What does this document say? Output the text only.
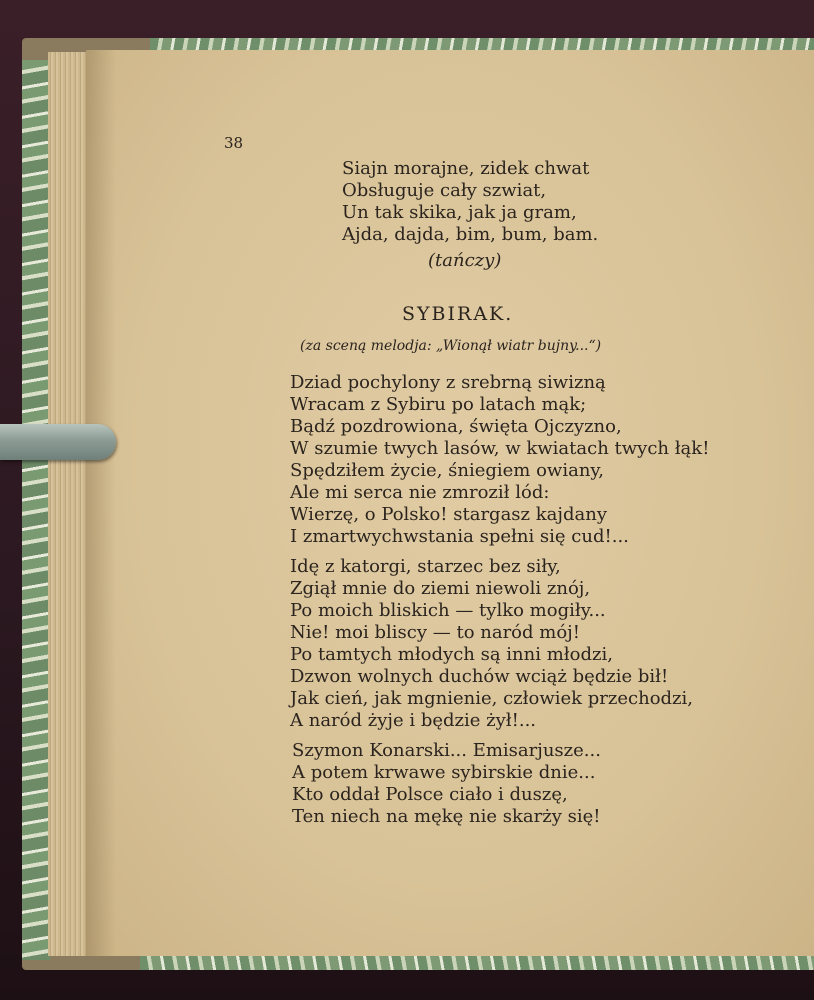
38
Siajn morajne, zidek chwat
Obsługuje cały szwiat,
Un tak skika, jak ja gram,
Ajda, dajda, bim, bum, bam.
(tańczy)
SYBIRAK.
(za sceną melodja: „Wionął wiatr bujny...“)
Dziad pochylony z srebrną siwizną
Wracam z Sybiru po latach mąk;
Bądź pozdrowiona, święta Ojczyzno,
W szumie twych lasów, w kwiatach twych łąk!
Spędziłem życie, śniegiem owiany,
Ale mi serca nie zmroził lód:
Wierzę, o Polsko! stargasz kajdany
I zmartwychwstania spełni się cud!...
Idę z katorgi, starzec bez siły,
Zgiął mnie do ziemi niewoli znój,
Po moich bliskich — tylko mogiły...
Nie! moi bliscy — to naród mój!
Po tamtych młodych są inni młodzi,
Dzwon wolnych duchów wciąż będzie bił!
Jak cień, jak mgnienie, człowiek przechodzi,
A naród żyje i będzie żył!...
Szymon Konarski... Emisarjusze...
A potem krwawe sybirskie dnie...
Kto oddał Polsce ciało i duszę,
Ten niech na mękę nie skarży się!
